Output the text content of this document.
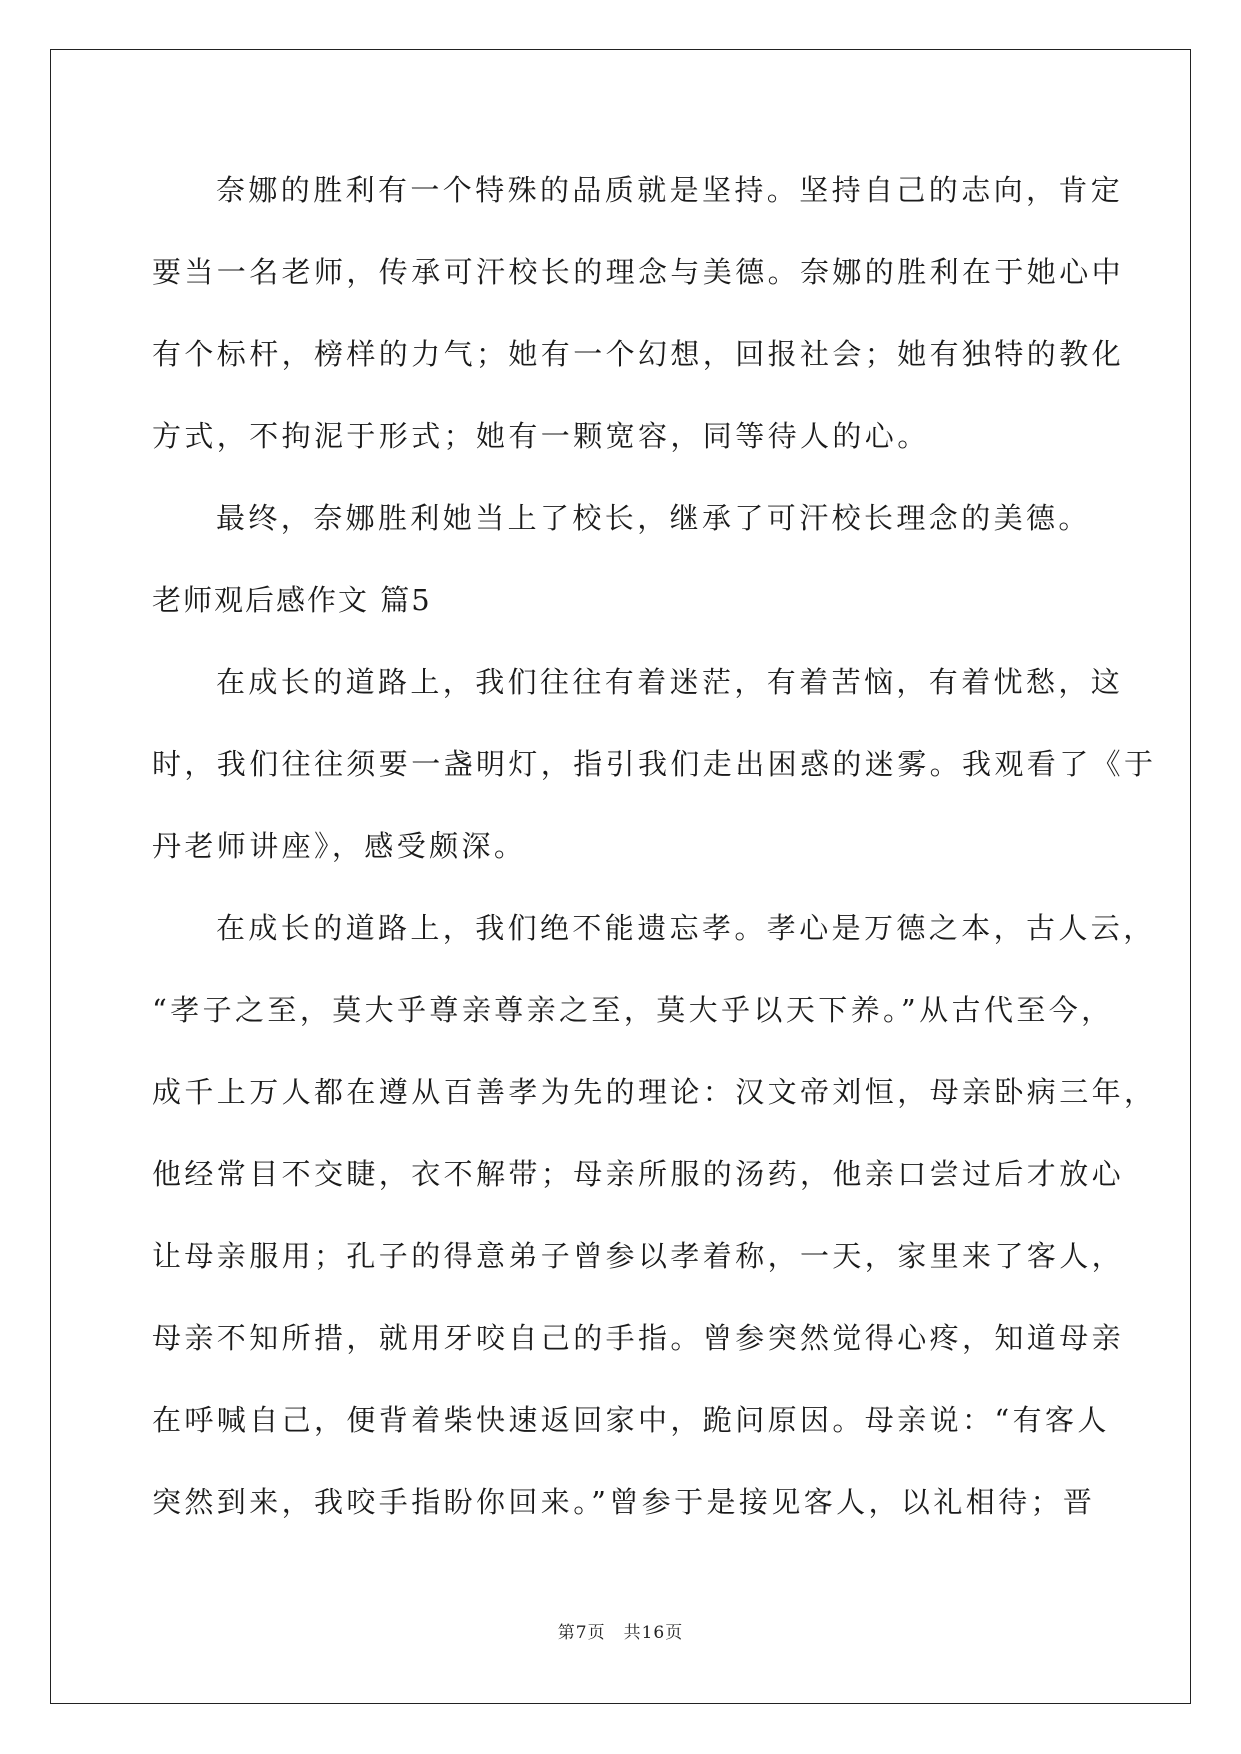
奈娜的胜利有一个特殊的品质就是坚持。坚持自己的志向，肯定
要当一名老师，传承可汗校长的理念与美德。奈娜的胜利在于她心中
有个标杆，榜样的力气；她有一个幻想，回报社会；她有独特的教化
方式，不拘泥于形式；她有一颗宽容，同等待人的心。
最终，奈娜胜利她当上了校长，继承了可汗校长理念的美德。
老师观后感作文 篇5
在成长的道路上，我们往往有着迷茫，有着苦恼，有着忧愁，这
时，我们往往须要一盏明灯，指引我们走出困惑的迷雾。我观看了《于
丹老师讲座》，感受颇深。
在成长的道路上，我们绝不能遗忘孝。孝心是万德之本，古人云，
“孝子之至，莫大乎尊亲尊亲之至，莫大乎以天下养。”从古代至今，
成千上万人都在遵从百善孝为先的理论：汉文帝刘恒，母亲卧病三年，
他经常目不交睫，衣不解带；母亲所服的汤药，他亲口尝过后才放心
让母亲服用；孔子的得意弟子曾参以孝着称，一天，家里来了客人，
母亲不知所措，就用牙咬自己的手指。曾参突然觉得心疼，知道母亲
在呼喊自己，便背着柴快速返回家中，跪问原因。母亲说：“有客人
突然到来，我咬手指盼你回来。”曾参于是接见客人，以礼相待；晋
第7页　共16页
